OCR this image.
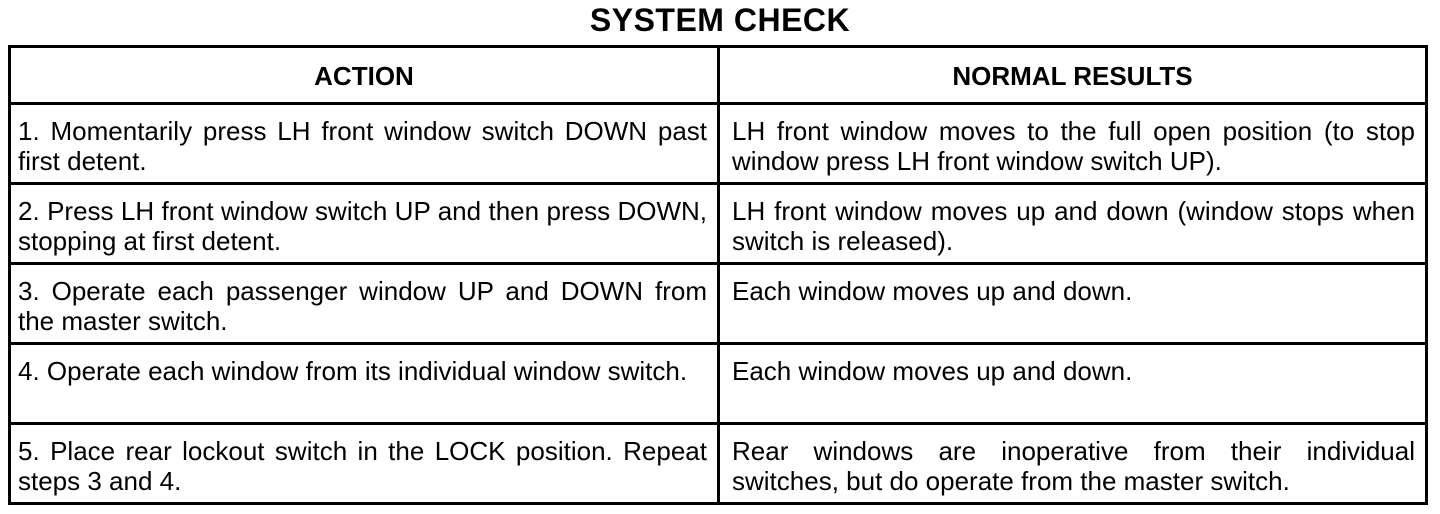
SYSTEM CHECK
ACTION	NORMAL RESULTS
1. Momentarily press LH front window switch DOWN past first detent.
LH front window moves to the full open position (to stop window press LH front window switch UP).
2. Press LH front window switch UP and then press DOWN, stopping at first detent.
LH front window moves up and down (window stops when switch is released).
3. Operate each passenger window UP and DOWN from the master switch.
Each window moves up and down.
4. Operate each window from its individual window switch.	Each window moves up and down.
5. Place rear lockout switch in the LOCK position. Repeat steps 3 and 4.
Rear windows are inoperative from their individual switches, but do operate from the master switch.
